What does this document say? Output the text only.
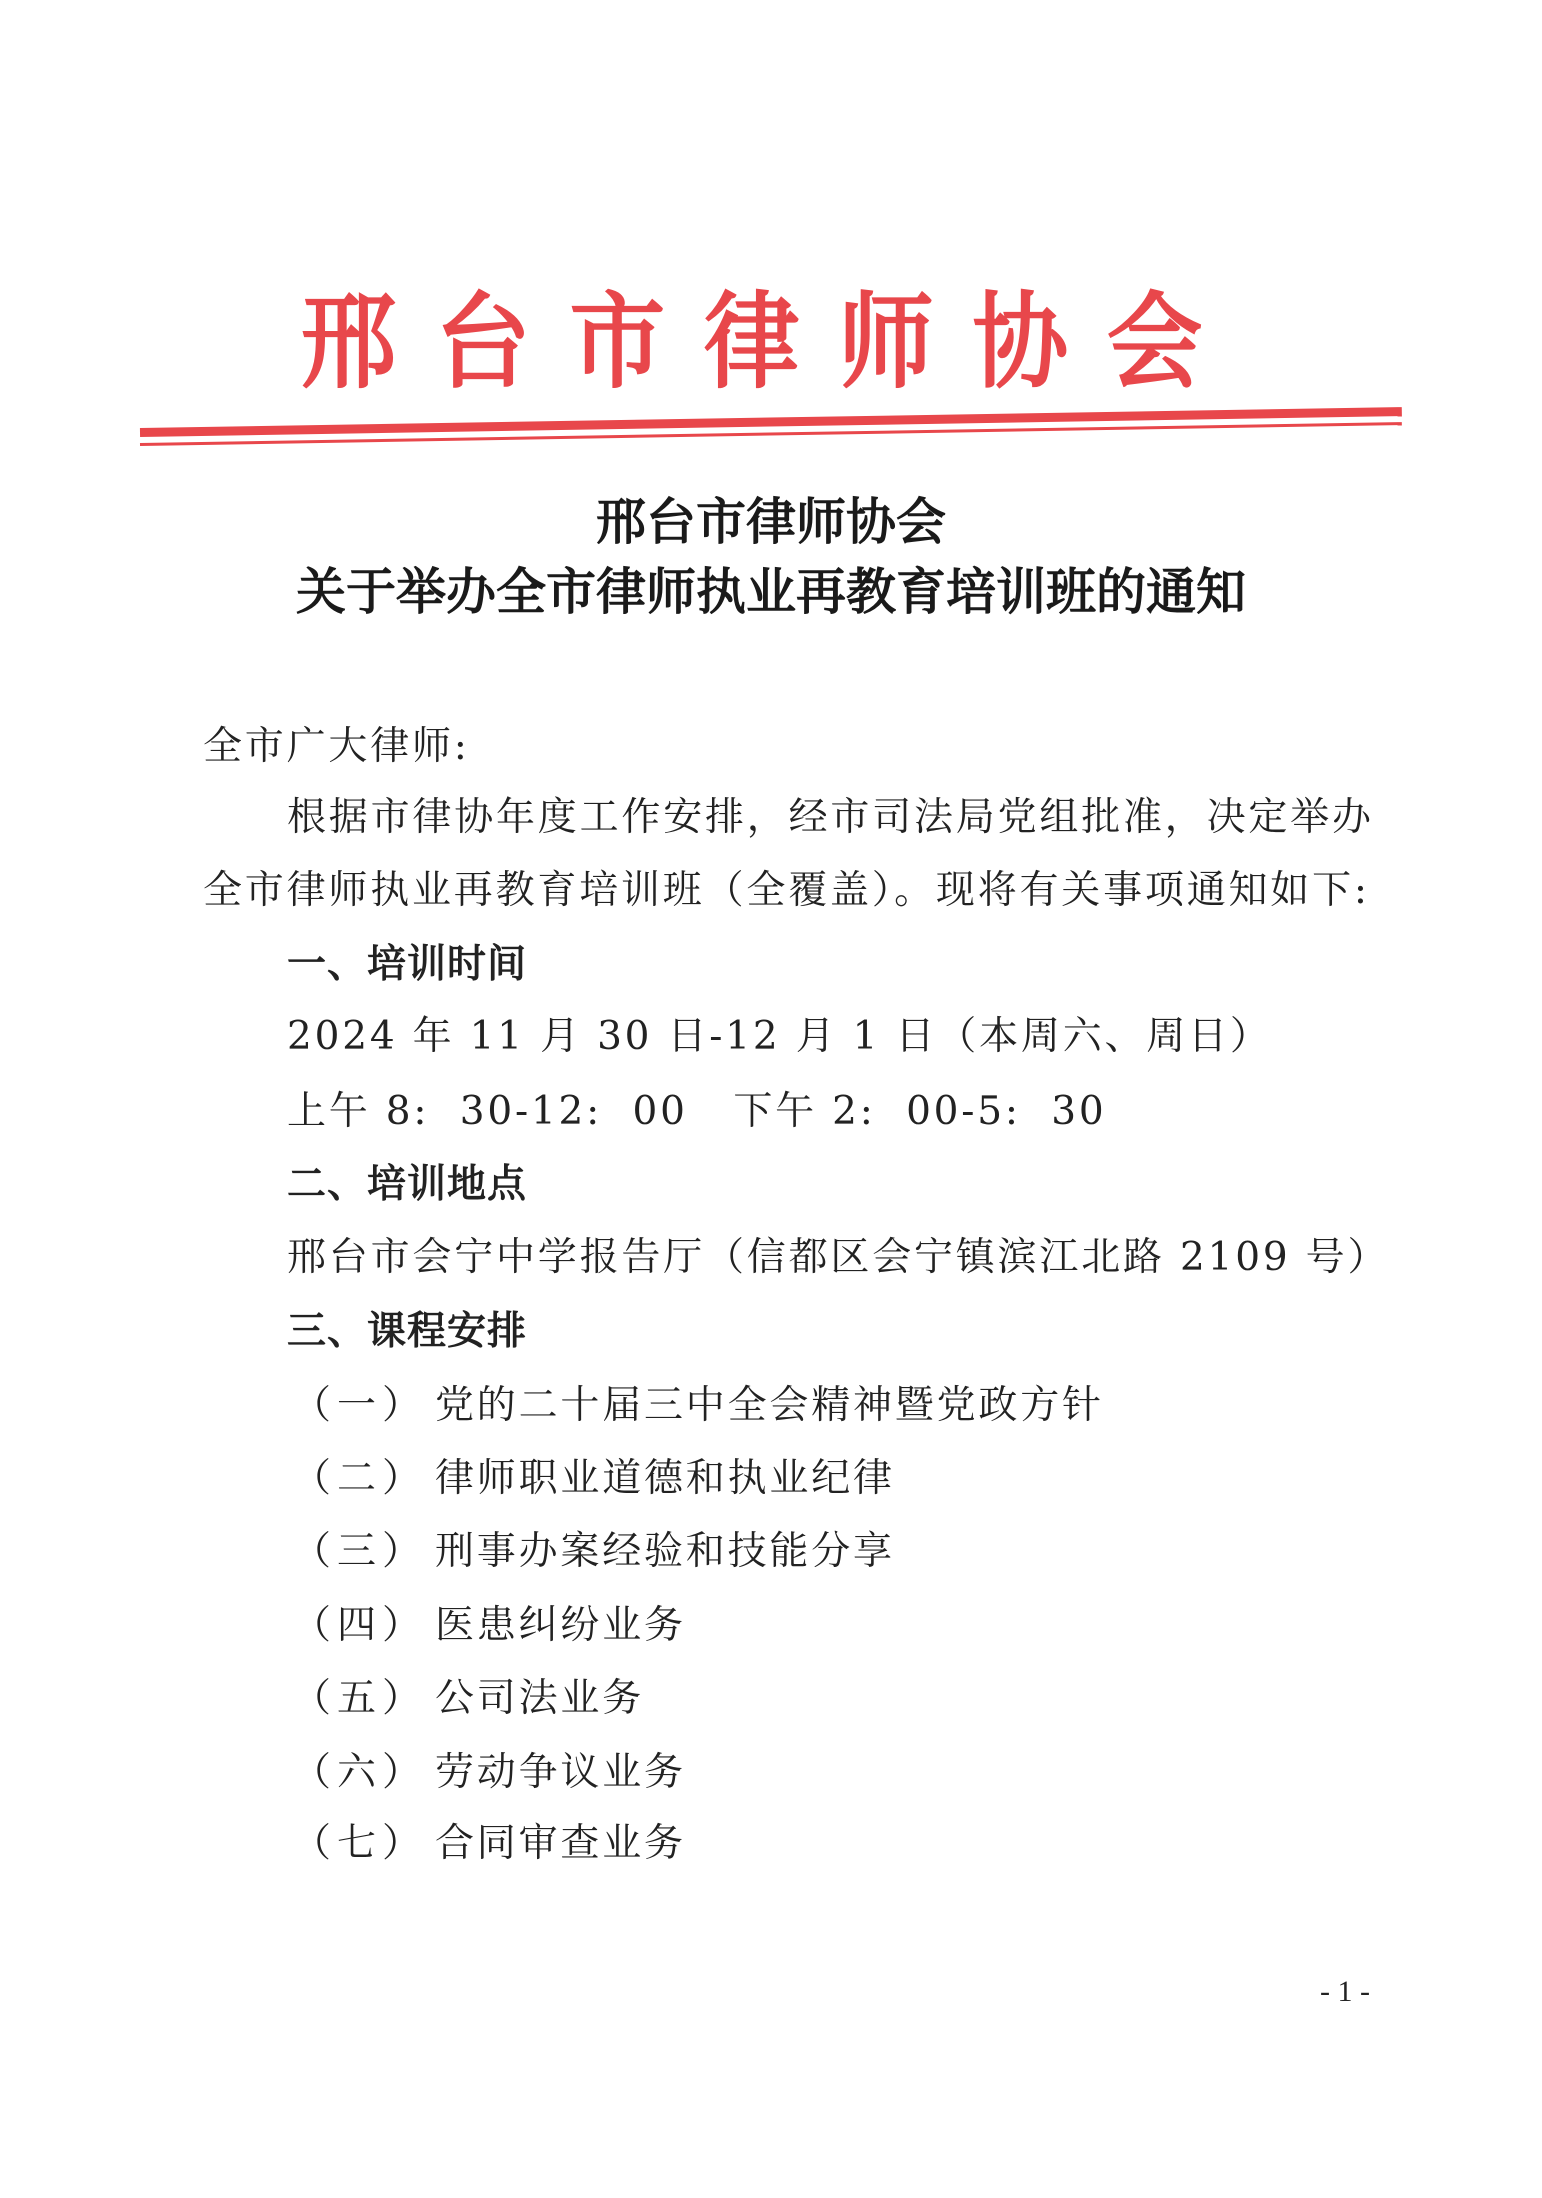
邢台市律师协会
邢台市律师协会
关于举办全市律师执业再教育培训班的通知
全市广大律师:
根据市律协年度工作安排，经市司法局党组批准，决定举办
全市律师执业再教育培训班（全覆盖）。现将有关事项通知如下:
一、培训时间
2024 年 11 月 30 日-12 月 1 日（本周六、周日）
上午 8:  30-12:  00   下午 2:  00-5:  30
二、培训地点
邢台市会宁中学报告厅（信都区会宁镇滨江北路 2109 号）
三、课程安排
（一） 党的二十届三中全会精神暨党政方针
（二） 律师职业道德和执业纪律
（三） 刑事办案经验和技能分享
（四） 医患纠纷业务
（五） 公司法业务
（六） 劳动争议业务
（七） 合同审查业务
- 1 -
